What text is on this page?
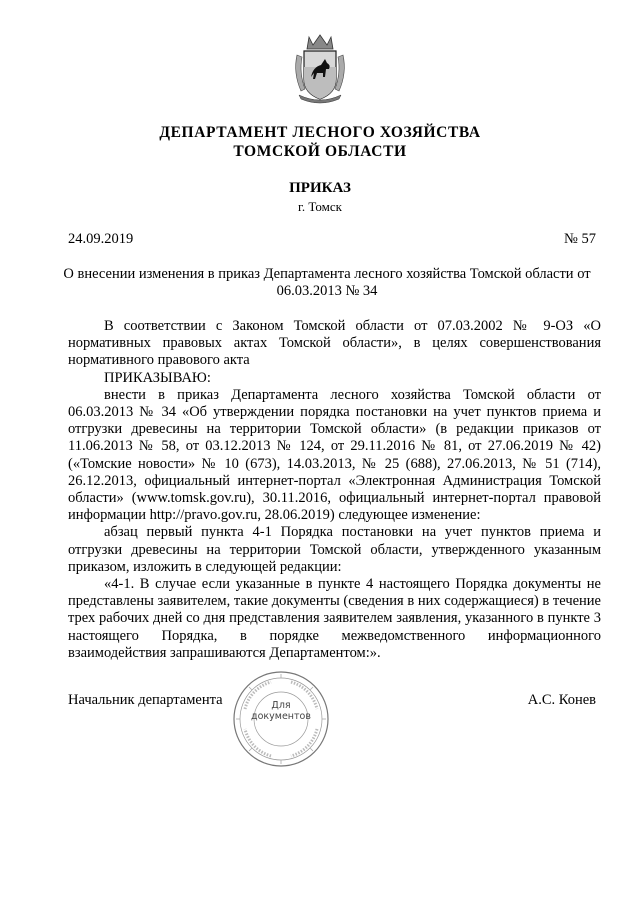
ДЕПАРТАМЕНТ ЛЕСНОГО ХОЗЯЙСТВА
ТОМСКОЙ ОБЛАСТИ
ПРИКАЗ
г. Томск
24.09.2019	№ 57
О внесении изменения в приказ Департамента лесного хозяйства Томской области от
06.03.2013 № 34

В соответствии с Законом Томской области от 07.03.2002 № 9-ОЗ «О нормативных правовых актах Томской области», в целях совершенствования нормативного правового акта

ПРИКАЗЫВАЮ:

внести в приказ Департамента лесного хозяйства Томской области от 06.03.2013 № 34 «Об утверждении порядка постановки на учет пунктов приема и отгрузки древесины на территории Томской области» (в редакции приказов от 11.06.2013 № 58, от 03.12.2013 № 124, от 29.11.2016 № 81, от 27.06.2019 № 42) («Томские новости» № 10 (673), 14.03.2013, № 25 (688), 27.06.2013, № 51 (714), 26.12.2013, официальный интернет-портал «Электронная Администрация Томской области» (www.tomsk.gov.ru), 30.11.2016, официальный интернет-портал правовой информации http://pravo.gov.ru, 28.06.2019) следующее изменение:

абзац первый пункта 4-1 Порядка постановки на учет пунктов приема и отгрузки древесины на территории Томской области, утвержденного указанным приказом, изложить в следующей редакции:

«4-1. В случае если указанные в пункте 4 настоящего Порядка документы не представлены заявителем, такие документы (сведения в них содержащиеся) в течение трех рабочих дней со дня представления заявителем заявления, указанного в пункте 3 настоящего Порядка, в порядке межведомственного информационного взаимодействия запрашиваются Департаментом:».

Начальник департамента	А.С. Конев
Для
документов
